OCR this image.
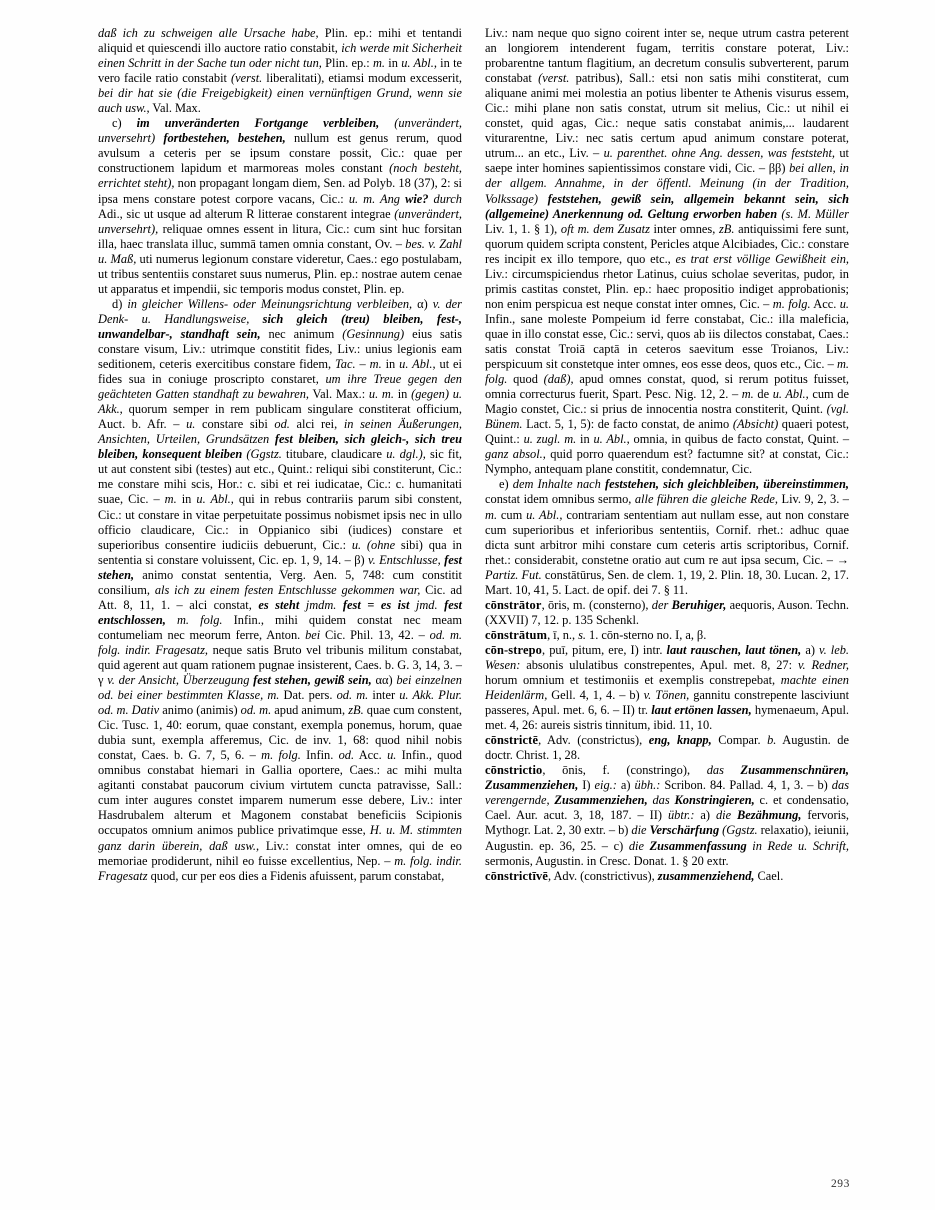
daß ich zu schweigen alle Ursache habe, Plin. ep.: mihi et tentandi aliquid et quiescendi illo auctore ratio constabit, ich werde mit Sicherheit einen Schritt in der Sache tun oder nicht tun, Plin. ep.: m. in u. Abl., in te vero facile ratio constabit (verst. liberalitati), etiamsi modum excesserit, bei dir hat sie (die Freigebigkeit) einen vernünftigen Grund, wenn sie auch usw., Val. Max.

c) im unveränderten Fortgange verbleiben, (unverändert, unversehrt) fortbestehen, bestehen, nullum est genus rerum, quod avulsum a ceteris per se ipsum constare possit, Cic.: quae per constructionem lapidum et marmoreas moles constant (noch besteht, errichtet steht), non propagant longam diem, Sen. ad Polyb. 18 (37), 2: si ipsa mens constare potest corpore vacans, Cic.: u. m. Ang wie? durch Adi., sic ut usque ad alterum R litterae constarent integrae (unverändert, unversehrt), reliquae omnes essent in litura, Cic.: cum sint huc forsitan illa, haec translata illuc, summā tamen omnia constant, Ov. – bes. v. Zahl u. Maß, uti numerus legionum constare videretur, Caes.: ego postulabam, ut tribus sententiis constaret suus numerus, Plin. ep.: nostrae autem cenae ut apparatus et impendii, sic temporis modus constet, Plin. ep.

d) in gleicher Willens- oder Meinungsrichtung verbleiben, α) v. der Denk- u. Handlungsweise, sich gleich (treu) bleiben, fest-, unwandelbar-, standhaft sein, nec animum (Gesinnung) eius satis constare visum, Liv.: utrimque constitit fides, Liv.: unius legionis eam seditionem, ceteris exercitibus constare fidem, Tac. – m. in u. Abl., ut ei fides sua in coniuge proscripto constaret, um ihre Treue gegen den geächteten Gatten standhaft zu bewahren, Val. Max.: u. m. in (gegen) u. Akk., quorum semper in rem publicam singulare constiterat officium, Auct. b. Afr. – u. constare sibi od. alci rei, in seinen Äußerungen, Ansichten, Urteilen, Grundsätzen fest bleiben, sich gleich-, sich treu bleiben, konsequent bleiben (Ggstz. titubare, claudicare u. dgl.), sic fit, ut aut constent sibi (testes) aut etc., Quint.: reliqui sibi constiterunt, Cic.: me constare mihi scis, Hor.: c. sibi et rei iudicatae, Cic.: c. humanitati suae, Cic. – m. in u. Abl., qui in rebus contrariis parum sibi constent, Cic.: ut constare in vitae perpetuitate possimus nobismet ipsis nec in ullo officio claudicare, Cic.: in Oppianico sibi (iudices) constare et superioribus consentire iudiciis debuerunt, Cic.: u. (ohne sibi) qua in sententia si constare voluissent, Cic. ep. 1, 9, 14. – β) v. Entschlusse, fest stehen, animo constat sententia, Verg. Aen. 5, 748: cum constitit consilium, als ich zu einem festen Entschlusse gekommen war, Cic. ad Att. 8, 11, 1. – alci constat, es steht jmdm. fest = es ist jmd. fest entschlossen, m. folg. Infin., mihi quidem constat nec meam contumeliam nec meorum ferre, Anton. bei Cic. Phil. 13, 42. – od. m. folg. indir. Fragesatz, neque satis Bruto vel tribunis militum constabat, quid agerent aut quam rationem pugnae insisterent, Caes. b. G. 3, 14, 3. – γ v. der Ansicht, Überzeugung fest stehen, gewiß sein, αα) bei einzelnen od. bei einer bestimmten Klasse, m. Dat. pers. od. m. inter u. Akk. Plur. od. m. Dativ animo (animis) od. m. apud animum, zB. quae cum constent, Cic. Tusc. 1, 40: eorum, quae constant, exempla ponemus, horum, quae dubia sunt, exempla afferemus, Cic. de inv. 1, 68: quod nihil nobis constat, Caes. b. G. 7, 5, 6. – m. folg. Infin. od. Acc. u. Infin., quod omnibus constabat hiemari in Gallia oportere, Caes.: ac mihi multa agitanti constabat paucorum civium virtutem cuncta patravisse, Sall.: cum inter augures constet imparem numerum esse debere, Liv.: inter Hasdrubalem alterum et Magonem constabat beneficiis Scipionis occupatos omnium animos publice privatimque esse, H. u. M. stimmten ganz darin überein, daß usw., Liv.: constat inter omnes, qui de eo memoriae prodiderunt, nihil eo fuisse excellentius, Nep. – m. folg. indir. Fragesatz quod, cur per eos dies a Fidenis afuissent, parum constabat,

Liv.: nam neque quo signo coirent inter se, neque utrum castra peterent an longiorem intenderent fugam, territis constare poterat, Liv.: probarentne tantum flagitium, an decretum consulis subverterent, parum constabat (verst. patribus), Sall.: etsi non satis mihi constiterat, cum aliquane animi mei molestia an potius libenter te Athenis visurus essem, Cic.: mihi plane non satis constat, utrum sit melius, Cic.: ut nihil ei constet, quid agas, Cic.: neque satis constabat animis,... laudarent viturarentne, Liv.: nec satis certum apud animum constare poterat, utrum... an etc., Liv. – u. parenthet. ohne Ang. dessen, was feststeht, ut saepe inter homines sapientissimos constare vidi, Cic. – ββ) bei allen, in der allgem. Annahme, in der öffentl. Meinung (in der Tradition, Volkssage) feststehen, gewiß sein, allgemein bekannt sein, sich (allgemeine) Anerkennung od. Geltung erworben haben (s. M. Müller Liv. 1, 1. § 1), oft m. dem Zusatz inter omnes, zB. antiquissimi fere sunt, quorum quidem scripta constent, Pericles atque Alcibiades, Cic.: constare res incipit ex illo tempore, quo etc., es trat erst völlige Gewißheit ein, Liv.: circumspiciendus rhetor Latinus, cuius scholae severitas, pudor, in primis castitas constet, Plin. ep.: haec propositio indiget approbationis; non enim perspicua est neque constat inter omnes, Cic. – m. folg. Acc. u. Infin., sane moleste Pompeium id ferre constabat, Cic.: illa maleficia, quae in illo constat esse, Cic.: servi, quos ab iis dilectos constabat, Caes.: satis constat Troiā captā in ceteros saevitum esse Troianos, Liv.: perspicuum sit constetque inter omnes, eos esse deos, quos etc., Cic. – m. folg. quod (daß), apud omnes constat, quod, si rerum potitus fuisset, omnia correcturus fuerit, Spart. Pesc. Nig. 12, 2. – m. de u. Abl., cum de Magio constet, Cic.: si prius de innocentia nostra constiterit, Quint. (vgl. Bünem. Lact. 5, 1, 5): de facto constat, de animo (Absicht) quaeri potest, Quint.: u. zugl. m. in u. Abl., omnia, in quibus de facto constat, Quint. – ganz absol., quid porro quaerendum est? factumne sit? at constat, Cic.: Nympho, antequam plane constitit, condemnatur, Cic.

e) dem Inhalte nach feststehen, sich gleichbleiben, übereinstimmen, constat idem omnibus sermo, alle führen die gleiche Rede, Liv. 9, 2, 3. – m. cum u. Abl., contrariam sententiam aut nullam esse, aut non constare cum superioribus et inferioribus sententiis, Cornif. rhet.: adhuc quae dicta sunt arbitror mihi constare cum ceteris artis scriptoribus, Cornif. rhet.: considerabit, constetne oratio aut cum re aut ipsa secum, Cic. – → Partiz. Fut. constātūrus, Sen. de clem. 1, 19, 2. Plin. 18, 30. Lucan. 2, 17. Mart. 10, 41, 5. Lact. de opif. dei 7. § 11.

cōnstrātor, ōris, m. (consterno), der Beruhiger, aequoris, Auson. Techn. (XXVII) 7, 12. p. 135 Schenkl.

cōnstrātum, ī, n., s. 1. cōn-sterno no. I, a, β.

cōn-strepo, puī, pitum, ere, I) intr. laut rauschen, laut tönen, a) v. leb. Wesen: absonis ululatibus constrepentes, Apul. met. 8, 27: v. Redner, horum omnium et testimoniis et exemplis constrepebat, machte einen Heidenlärm, Gell. 4, 1, 4. – b) v. Tönen, gannitu constrepente lasciviunt passeres, Apul. met. 6, 6. – II) tr. laut ertönen lassen, hymenaeum, Apul. met. 4, 26: aureis sistris tinnitum, ibid. 11, 10.

cōnstrictē, Adv. (constrictus), eng, knapp, Compar. b. Augustin. de doctr. Christ. 1, 28.

cōnstrictio, ōnis, f. (constringo), das Zusammenschnüren, Zusammenziehen, I) eig.: a) übh.: Scribon. 84. Pallad. 4, 1, 3. – b) das verengernde, Zusammenziehen, das Konstringieren, c. et condensatio, Cael. Aur. acut. 3, 18, 187. – II) übtr.: a) die Bezähmung, fervoris, Mythogr. Lat. 2, 30 extr. – b) die Verschärfung (Ggstz. relaxatio), ieiunii, Augustin. ep. 36, 25. – c) die Zusammenfassung in Rede u. Schrift, sermonis, Augustin. in Cresc. Donat. 1. § 20 extr.

cōnstrictīvē, Adv. (constrictivus), zusammenziehend, Cael.

293
